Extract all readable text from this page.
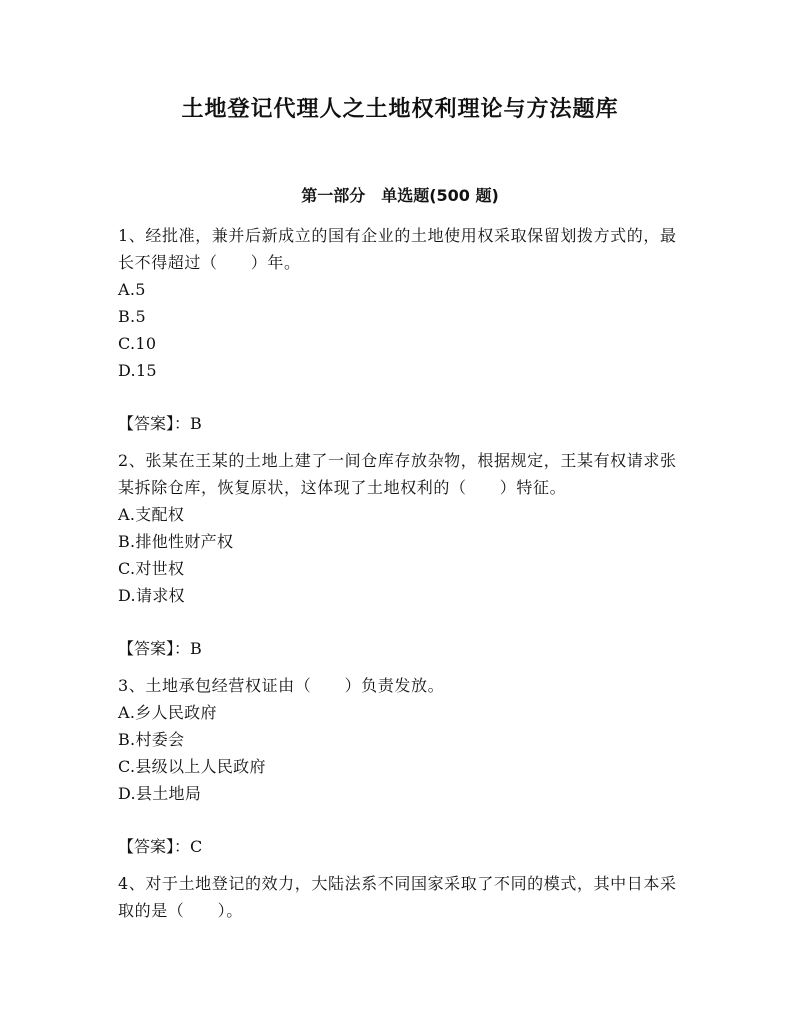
土地登记代理人之土地权利理论与方法题库
第一部分　单选题(500 题)

1、经批准，兼并后新成立的国有企业的土地使用权采取保留划拨方式的，最长不得超过（　　）年。

A.5
B.5
C.10
D.15
【答案】：B

2、张某在王某的土地上建了一间仓库存放杂物，根据规定，王某有权请求张某拆除仓库，恢复原状，这体现了土地权利的（　　）特征。

A.支配权
B.排他性财产权
C.对世权
D.请求权
【答案】：B

3、土地承包经营权证由（　　）负责发放。

A.乡人民政府
B.村委会
C.县级以上人民政府
D.县土地局
【答案】：C

4、对于土地登记的效力，大陆法系不同国家采取了不同的模式，其中日本采取的是（　　）。
